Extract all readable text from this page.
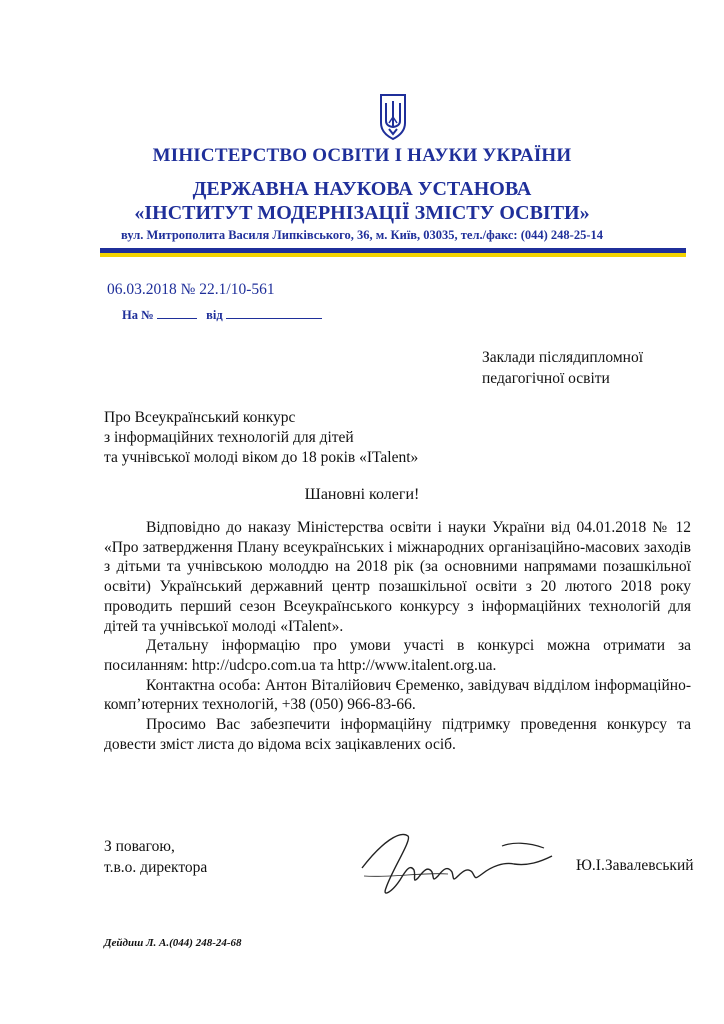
МІНІСТЕРСТВО ОСВІТИ І НАУКИ УКРАЇНИ
ДЕРЖАВНА НАУКОВА УСТАНОВА
«ІНСТИТУТ МОДЕРНІЗАЦІЇ ЗМІСТУ ОСВІТИ»
вул. Митрополита Василя Липківського, 36, м. Київ, 03035, тел./факс: (044) 248-25-14
06.03.2018 № 22.1/10-561
На №	від
Заклади післядипломної
педагогічної освіти
Про Всеукраїнський конкурс
з інформаційних технологій для дітей
та учнівської молоді віком до 18 років «ITalent»
Шановні колеги!

Відповідно до наказу Міністерства освіти і науки України від 04.01.2018 № 12 «Про затвердження Плану всеукраїнських і міжнародних організаційно-масових заходів з дітьми та учнівською молоддю на 2018 рік (за основними напрямами позашкільної освіти) Український державний центр позашкільної освіти з 20 лютого 2018 року проводить перший сезон Всеукраїнського конкурсу з інформаційних технологій для дітей та учнівської молоді «ITalent».

Детальну інформацію про умови участі в конкурсі можна отримати за посиланням: http://udcpo.com.ua та http://www.italent.org.ua.

Контактна особа: Антон Віталійович Єременко, завідувач відділом інформаційно-комп’ютерних технологій, +38 (050) 966-83-66.

Просимо Вас забезпечити інформаційну підтримку проведення конкурсу та довести зміст листа до відома всіх зацікавлених осіб.

З повагою,
т.в.о. директора	Ю.І.Завалевський
Дейдиш Л. А.(044) 248-24-68
